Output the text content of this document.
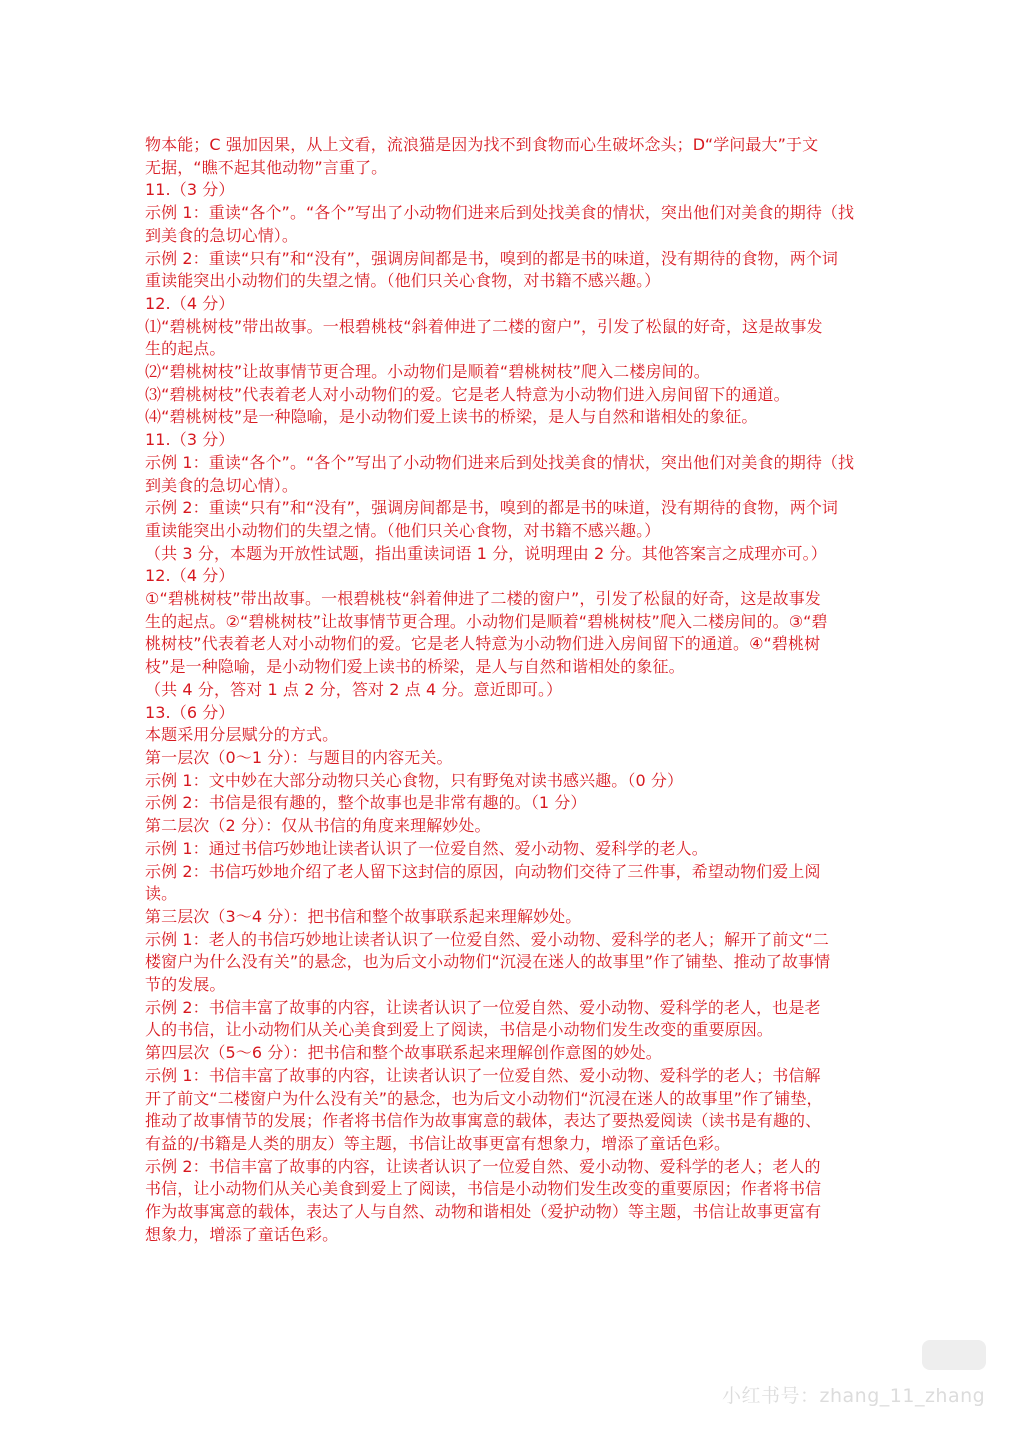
物本能；C 强加因果，从上文看，流浪猫是因为找不到食物而心生破坏念头；D“学问最大”于文
无据，“瞧不起其他动物”言重了。
11.（3 分）
示例 1：重读“各个”。“各个”写出了小动物们进来后到处找美食的情状，突出他们对美食的期待（找
到美食的急切心情）。
示例 2：重读“只有”和“没有”，强调房间都是书，嗅到的都是书的味道，没有期待的食物，两个词
重读能突出小动物们的失望之情。（他们只关心食物，对书籍不感兴趣。）
12.（4 分）
⑴“碧桃树枝”带出故事。一根碧桃枝“斜着伸进了二楼的窗户”，引发了松鼠的好奇，这是故事发
生的起点。
⑵“碧桃树枝”让故事情节更合理。小动物们是顺着“碧桃树枝”爬入二楼房间的。
⑶“碧桃树枝”代表着老人对小动物们的爱。它是老人特意为小动物们进入房间留下的通道。
⑷“碧桃树枝”是一种隐喻，是小动物们爱上读书的桥梁，是人与自然和谐相处的象征。
11.（3 分）
示例 1：重读“各个”。“各个”写出了小动物们进来后到处找美食的情状，突出他们对美食的期待（找
到美食的急切心情）。
示例 2：重读“只有”和“没有”，强调房间都是书，嗅到的都是书的味道，没有期待的食物，两个词
重读能突出小动物们的失望之情。（他们只关心食物，对书籍不感兴趣。）
（共 3 分，本题为开放性试题，指出重读词语 1 分，说明理由 2 分。其他答案言之成理亦可。）
12.（4 分）
①“碧桃树枝”带出故事。一根碧桃枝“斜着伸进了二楼的窗户”，引发了松鼠的好奇，这是故事发
生的起点。②“碧桃树枝”让故事情节更合理。小动物们是顺着“碧桃树枝”爬入二楼房间的。③“碧
桃树枝”代表着老人对小动物们的爱。它是老人特意为小动物们进入房间留下的通道。④“碧桃树
枝”是一种隐喻，是小动物们爱上读书的桥梁，是人与自然和谐相处的象征。
（共 4 分，答对 1 点 2 分，答对 2 点 4 分。意近即可。）
13.（6 分）
本题采用分层赋分的方式。
第一层次（0～1 分）：与题目的内容无关。
示例 1：文中妙在大部分动物只关心食物，只有野兔对读书感兴趣。（0 分）
示例 2：书信是很有趣的，整个故事也是非常有趣的。（1 分）
第二层次（2 分）：仅从书信的角度来理解妙处。
示例 1：通过书信巧妙地让读者认识了一位爱自然、爱小动物、爱科学的老人。
示例 2：书信巧妙地介绍了老人留下这封信的原因，向动物们交待了三件事，希望动物们爱上阅
读。
第三层次（3～4 分）：把书信和整个故事联系起来理解妙处。
示例 1：老人的书信巧妙地让读者认识了一位爱自然、爱小动物、爱科学的老人；解开了前文“二
楼窗户为什么没有关”的悬念，也为后文小动物们“沉浸在迷人的故事里”作了铺垫、推动了故事情
节的发展。
示例 2：书信丰富了故事的内容，让读者认识了一位爱自然、爱小动物、爱科学的老人，也是老
人的书信，让小动物们从关心美食到爱上了阅读，书信是小动物们发生改变的重要原因。
第四层次（5～6 分）：把书信和整个故事联系起来理解创作意图的妙处。
示例 1：书信丰富了故事的内容，让读者认识了一位爱自然、爱小动物、爱科学的老人；书信解
开了前文“二楼窗户为什么没有关”的悬念，也为后文小动物们“沉浸在迷人的故事里”作了铺垫，
推动了故事情节的发展；作者将书信作为故事寓意的载体，表达了要热爱阅读（读书是有趣的、
有益的/书籍是人类的朋友）等主题，书信让故事更富有想象力，增添了童话色彩。
示例 2：书信丰富了故事的内容，让读者认识了一位爱自然、爱小动物、爱科学的老人；老人的
书信，让小动物们从关心美食到爱上了阅读，书信是小动物们发生改变的重要原因；作者将书信
作为故事寓意的载体，表达了人与自然、动物和谐相处（爱护动物）等主题，书信让故事更富有
想象力，增添了童话色彩。
小红书号：zhang_11_zhang
